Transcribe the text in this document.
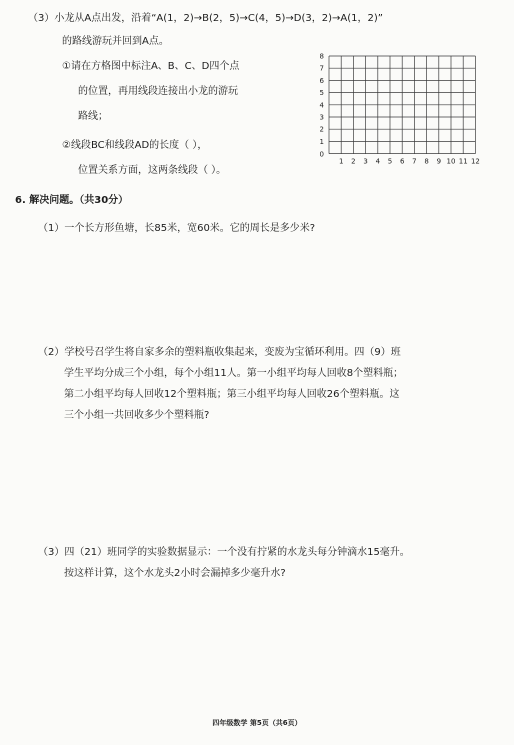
（3）小龙从A点出发，沿着“A(1，2)→B(2，5)→C(4，5)→D(3，2)→A(1，2)”
的路线游玩并回到A点。
①请在方格图中标注A、B、C、D四个点
的位置，再用线段连接出小龙的游玩
路线；
②线段BC和线段AD的长度（ ），
位置关系方面，这两条线段（ ）。
1 2 3 4 5 6 7 8 9 10 11 12
1
2
3
4
5
6
7
8
0
6. 解决问题。（共30分）
（1）一个长方形鱼塘，长85米，宽60米。它的周长是多少米?
（2）学校号召学生将自家多余的塑料瓶收集起来，变废为宝循环利用。四（9）班
学生平均分成三个小组，每个小组11人。第一小组平均每人回收8个塑料瓶；
第二小组平均每人回收12个塑料瓶；第三小组平均每人回收26个塑料瓶。这
三个小组一共回收多少个塑料瓶?
（3）四（21）班同学的实验数据显示：一个没有拧紧的水龙头每分钟滴水15毫升。
按这样计算，这个水龙头2小时会漏掉多少毫升水?
四年级数学 第5页（共6页）
